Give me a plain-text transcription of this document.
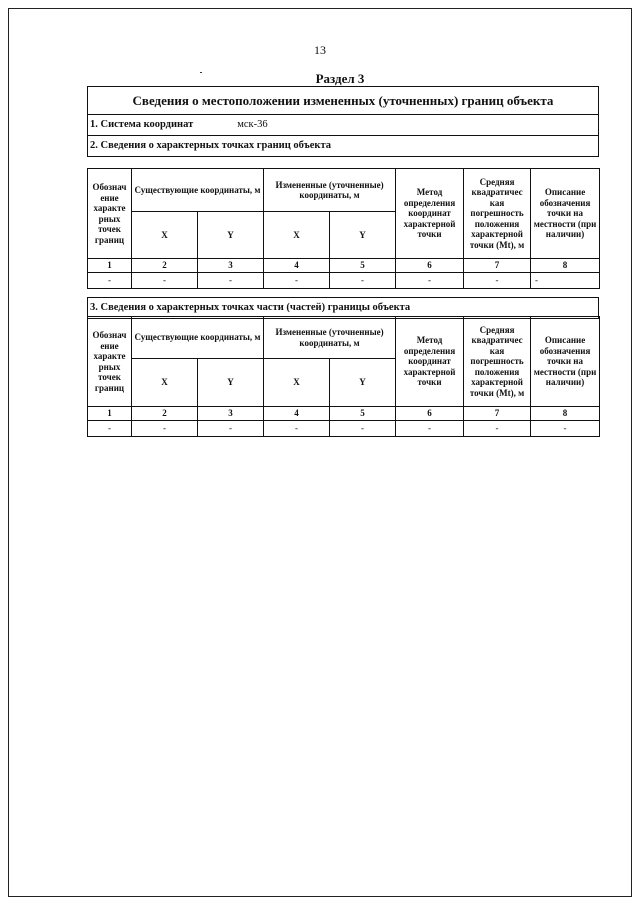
13
Раздел 3
Сведения о местоположении измененных (уточненных) границ объекта
1. Система координат	мск-36
2. Сведения о характерных точках границ объекта
Обознач ение характе рных точек границ	Существующие координаты, м		Измененные (уточненные) координаты, м		Метод определения координат характерной точки	Средняя квадратичес кая погрешность положения характерной точки (Mt), м	Описание обозначения точки на местности (при наличии)
	X	Y	X	Y			
1	2	3	4	5	6	7	8
-	-	-	-	-	-	-	-
3. Сведения о характерных точках части (частей) границы объекта
Обознач ение характе рных точек границ	Существующие координаты, м		Измененные (уточненные) координаты, м		Метод определения координат характерной точки	Средняя квадратичес кая погрешность положения характерной точки (Mt), м	Описание обозначения точки на местности (при наличии)
	X	Y	X	Y			
1	2	3	4	5	6	7	8
-	-	-	-	-	-	-	-
